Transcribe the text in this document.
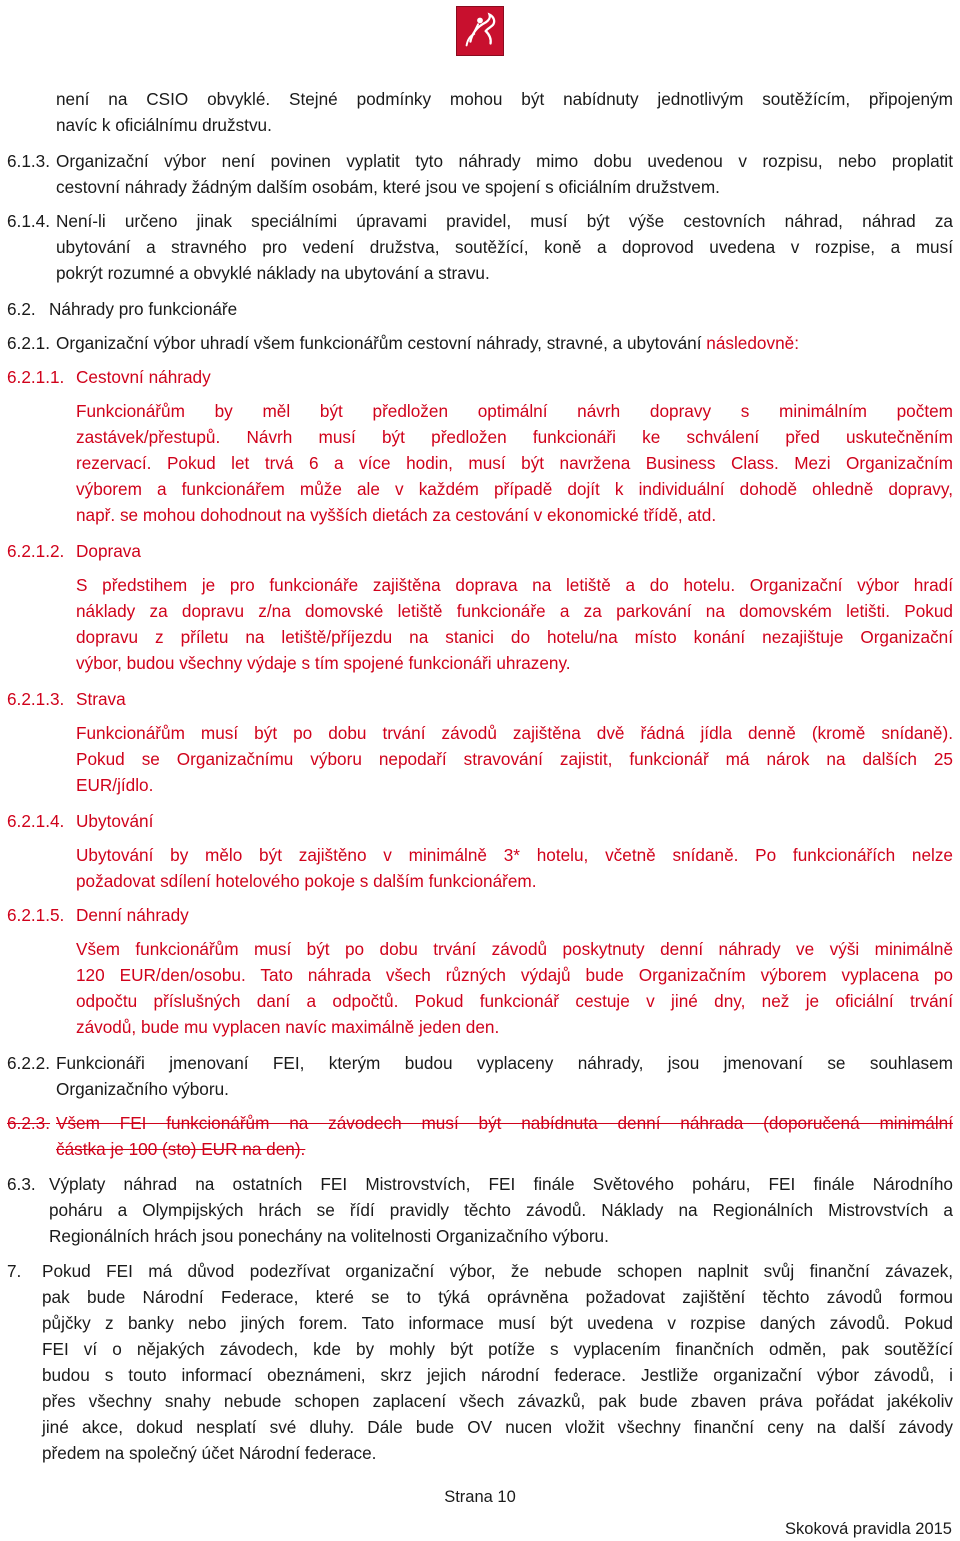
není na CSIO obvyklé. Stejné podmínky mohou být nabídnuty jednotlivým soutěžícím, připojeným
navíc k oficiálnímu družstvu.
6.1.3. Organizační výbor není povinen vyplatit tyto náhrady mimo dobu uvedenou v rozpisu, nebo proplatit
cestovní náhrady žádným dalším osobám, které jsou ve spojení s oficiálním družstvem.
6.1.4. Není-li určeno jinak speciálními úpravami pravidel, musí být výše cestovních náhrad, náhrad za
ubytování a stravného pro vedení družstva, soutěžící, koně a doprovod uvedena v rozpise, a musí
pokrýt rozumné a obvyklé náklady na ubytování a stravu.
6.2. Náhrady pro funkcionáře
6.2.1. Organizační výbor uhradí všem funkcionářům cestovní náhrady, stravné, a ubytování následovně:
6.2.1.1. Cestovní náhrady
Funkcionářům by měl být předložen optimální návrh dopravy s minimálním počtem
zastávek/přestupů. Návrh musí být předložen funkcionáři ke schválení před uskutečněním
rezervací. Pokud let trvá 6 a více hodin, musí být navržena Business Class. Mezi Organizačním
výborem a funkcionářem může ale v každém případě dojít k individuální dohodě ohledně dopravy,
např. se mohou dohodnout na vyšších dietách za cestování v ekonomické třídě, atd.
6.2.1.2. Doprava
S předstihem je pro funkcionáře zajištěna doprava na letiště a do hotelu. Organizační výbor hradí
náklady za dopravu z/na domovské letiště funkcionáře a za parkování na domovském letišti. Pokud
dopravu z příletu na letiště/příjezdu na stanici do hotelu/na místo konání nezajištuje Organizační
výbor, budou všechny výdaje s tím spojené funkcionáři uhrazeny.
6.2.1.3. Strava
Funkcionářům musí být po dobu trvání závodů zajištěna dvě řádná jídla denně (kromě snídaně).
Pokud se Organizačnímu výboru nepodaří stravování zajistit, funkcionář má nárok na dalších 25
EUR/jídlo.
6.2.1.4. Ubytování
Ubytování by mělo být zajištěno v minimálně 3* hotelu, včetně snídaně. Po funkcionářích nelze
požadovat sdílení hotelového pokoje s dalším funkcionářem.
6.2.1.5. Denní náhrady
Všem funkcionářům musí být po dobu trvání závodů poskytnuty denní náhrady ve výši minimálně
120 EUR/den/osobu. Tato náhrada všech různých výdajů bude Organizačním výborem vyplacena po
odpočtu příslušných daní a odpočtů. Pokud funkcionář cestuje v jiné dny, než je oficiální trvání
závodů, bude mu vyplacen navíc maximálně jeden den.
6.2.2. Funkcionáři jmenovaní FEI, kterým budou vyplaceny náhrady, jsou jmenovaní se souhlasem
Organizačního výboru.
6.2.3. Všem FEI funkcionářům na závodech musí být nabídnuta denní náhrada (doporučená minimální
částka je 100 (sto) EUR na den).
6.3. Výplaty náhrad na ostatních FEI Mistrovstvích, FEI finále Světového poháru, FEI finále Národního
poháru a Olympijských hrách se řídí pravidly těchto závodů. Náklady na Regionálních Mistrovstvích a
Regionálních hrách jsou ponechány na volitelnosti Organizačního výboru.
7. Pokud FEI má důvod podezřívat organizační výbor, že nebude schopen naplnit svůj finanční závazek,
pak bude Národní Federace, které se to týká oprávněna požadovat zajištění těchto závodů formou
půjčky z banky nebo jiných forem. Tato informace musí být uvedena v rozpise daných závodů. Pokud
FEI ví o nějakých závodech, kde by mohly být potíže s vyplacením finančních odměn, pak soutěžící
budou s touto informací obeznámeni, skrz jejich národní federace. Jestliže organizační výbor závodů, i
přes všechny snahy nebude schopen zaplacení všech závazků, pak bude zbaven práva pořádat jakékoliv
jiné akce, dokud nesplatí své dluhy. Dále bude OV nucen vložit všechny finanční ceny na další závody
předem na společný účet Národní federace.
Strana 10
Skoková pravidla 2015
